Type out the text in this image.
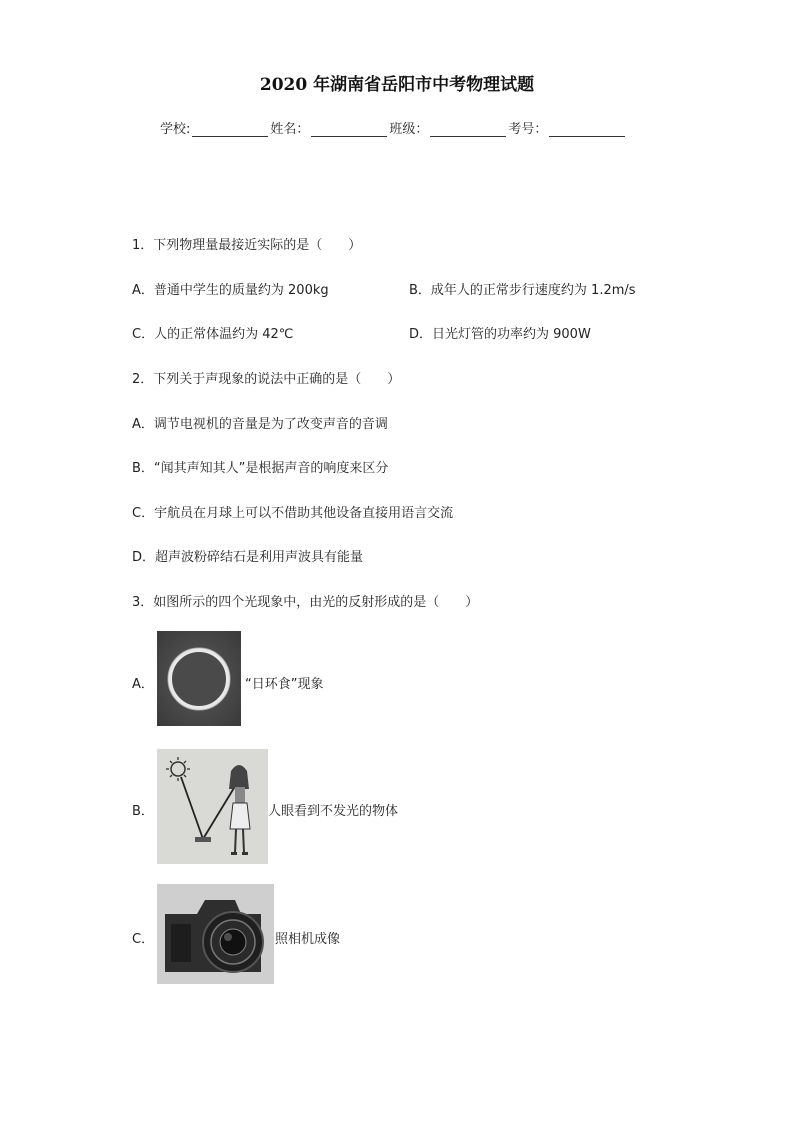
2020 年湖南省岳阳市中考物理试题
学校:	姓名：	班级：	考号：
1．下列物理量最接近实际的是（　　）
A．普通中学生的质量约为 200kg	B．成年人的正常步行速度约为 1.2m/s
C．人的正常体温约为 42℃	D．日光灯管的功率约为 900W
2．下列关于声现象的说法中正确的是（　　）
A．调节电视机的音量是为了改变声音的音调
B．“闻其声知其人”是根据声音的响度来区分
C．宇航员在月球上可以不借助其他设备直接用语言交流
D．超声波粉碎结石是利用声波具有能量
3．如图所示的四个光现象中，由光的反射形成的是（　　）
A．	“日环食”现象
B．	人眼看到不发光的物体
C．	照相机成像
